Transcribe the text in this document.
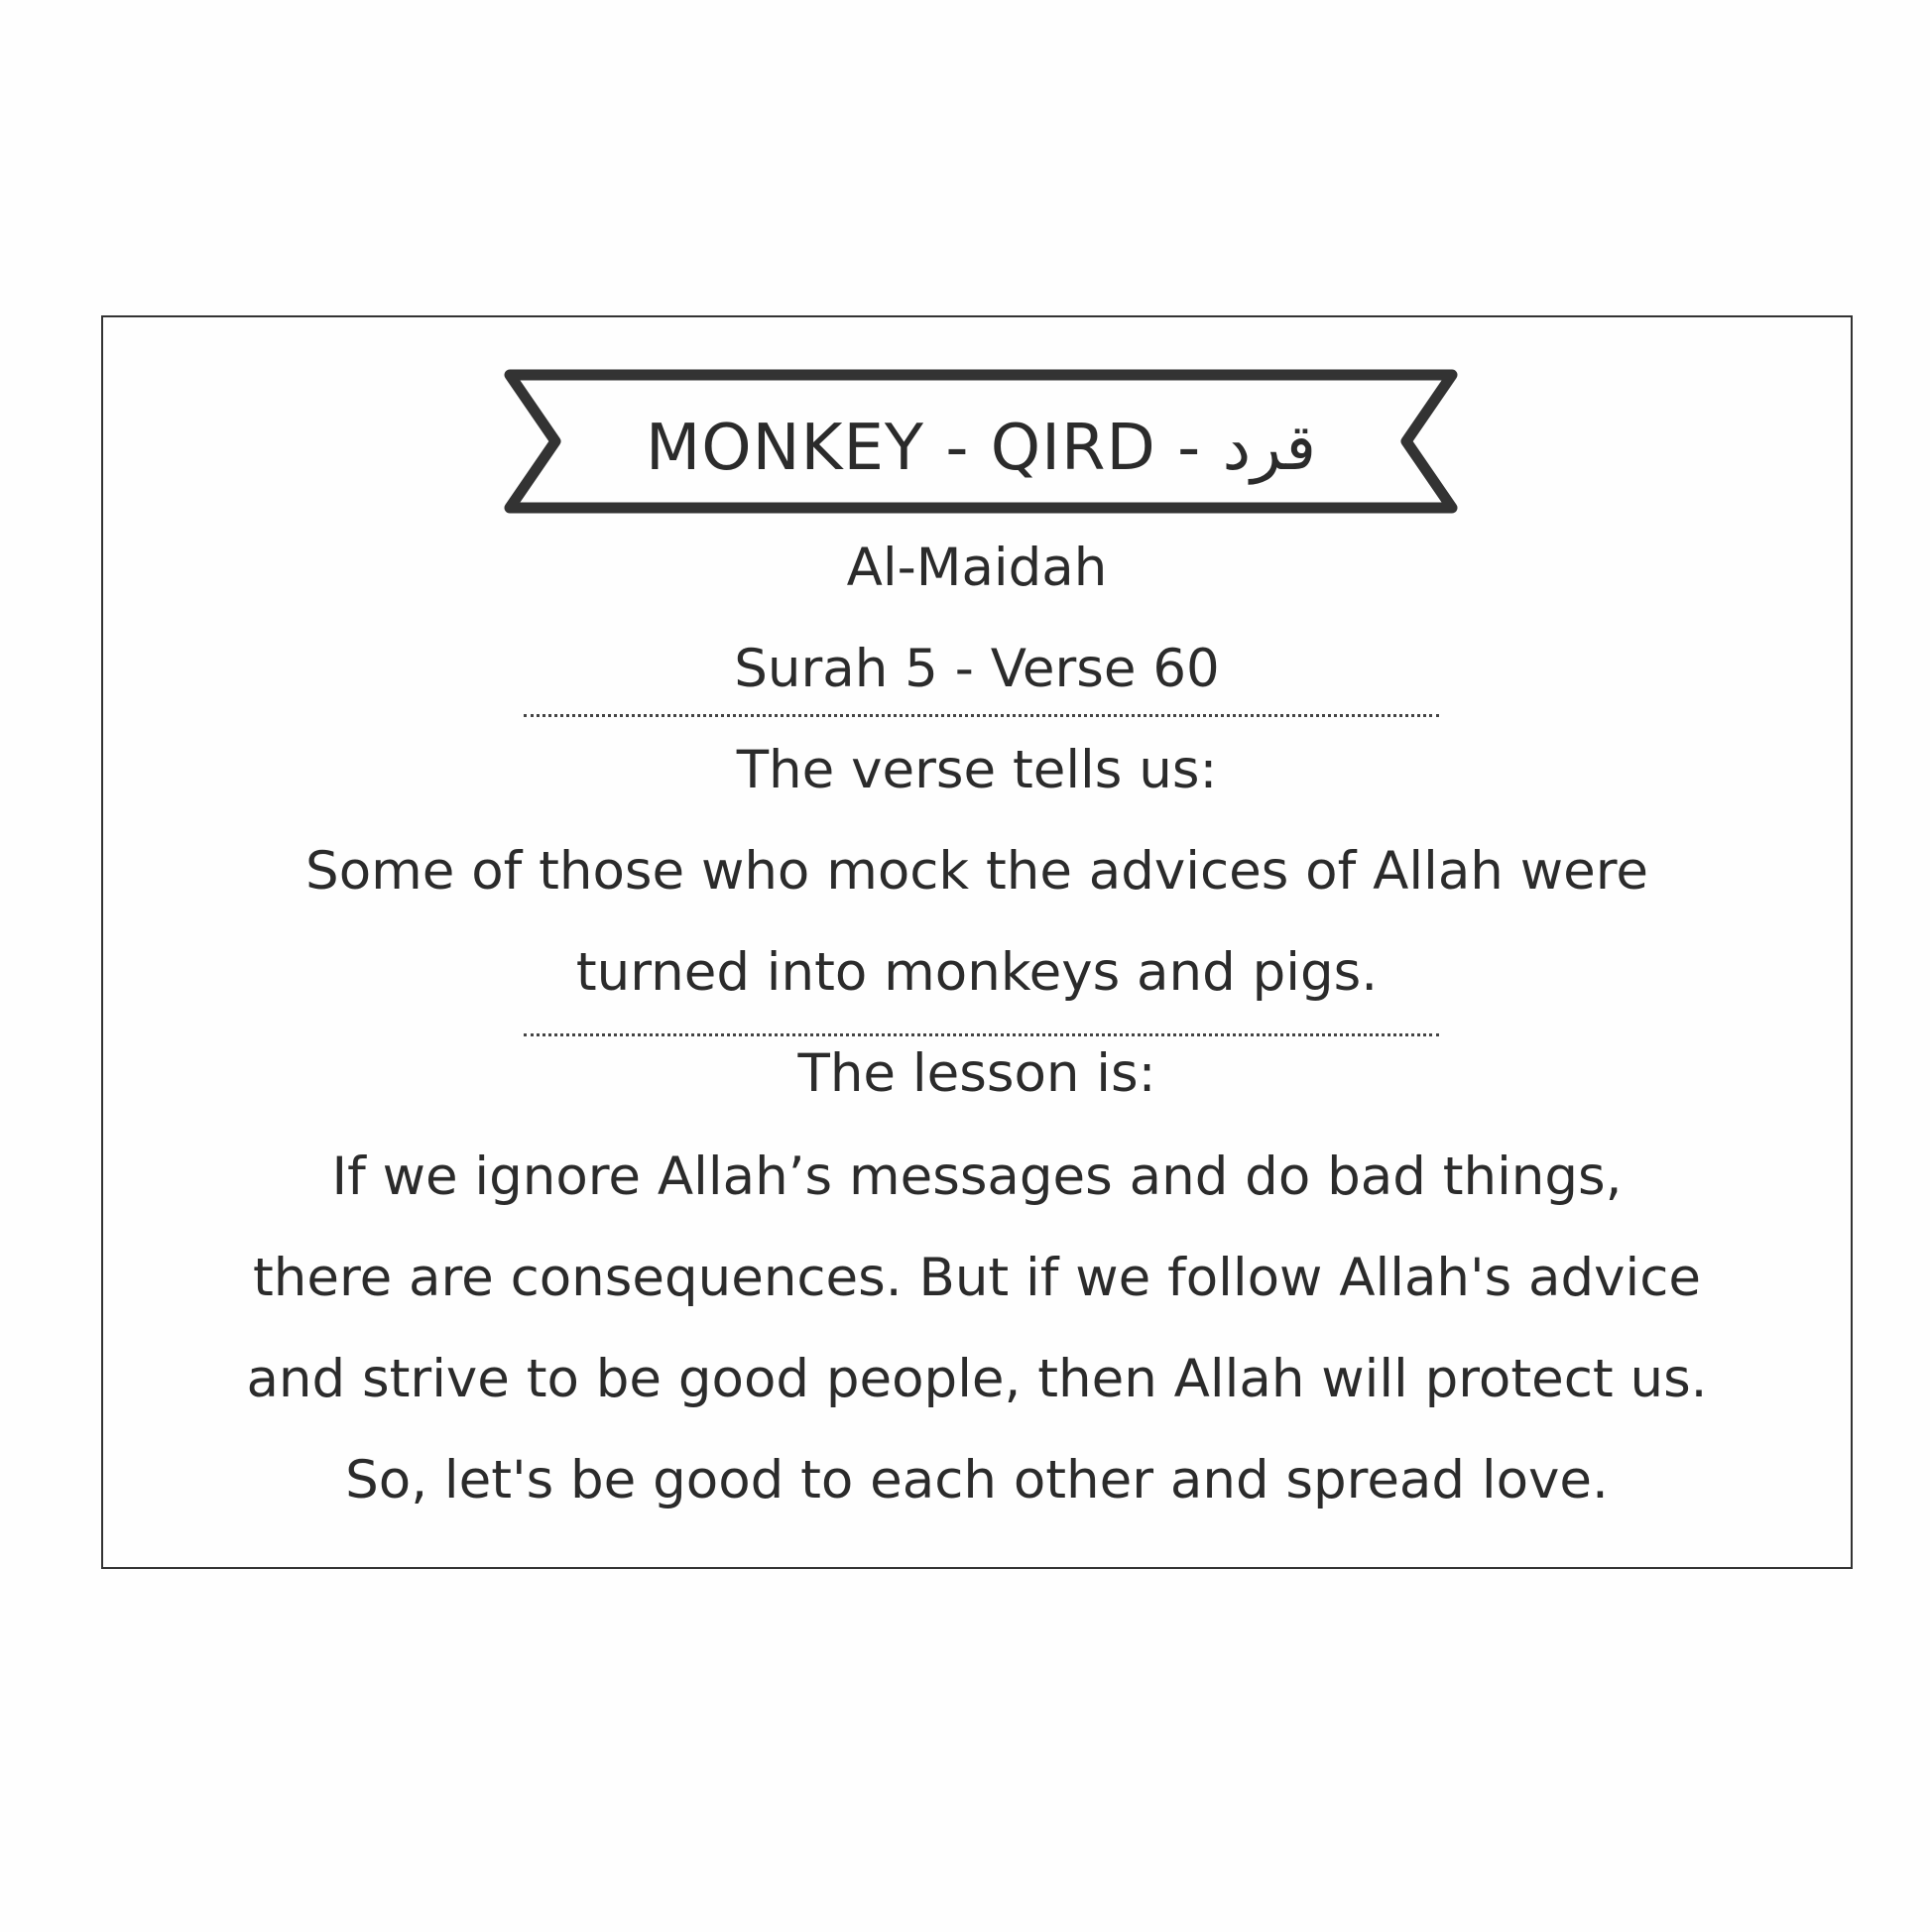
MONKEY - QIRD - قرد
Al-Maidah
Surah 5 - Verse 60
The verse tells us:
Some of those who mock the advices of Allah were
turned into monkeys and pigs.
The lesson is:
If we ignore Allah’s messages and do bad things,
there are consequences. But if we follow Allah's advice
and strive to be good people, then Allah will protect us.
So, let's be good to each other and spread love.
